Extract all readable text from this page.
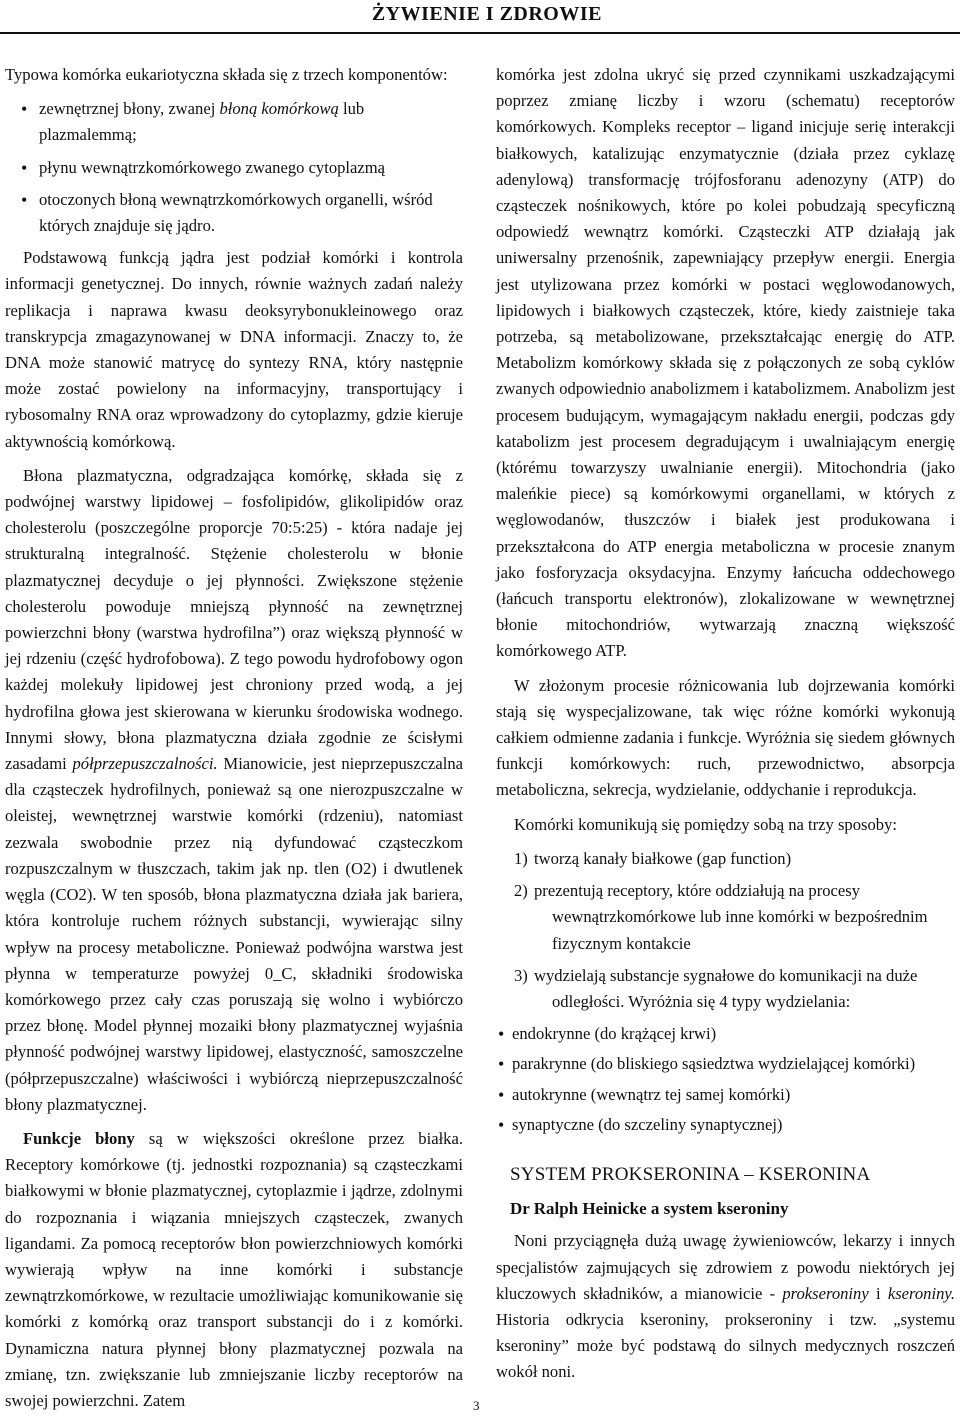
ŻYWIENIE I ZDROWIE

Typowa komórka eukariotyczna składa się z trzech komponentów:

• zewnętrznej błony, zwanej błoną komórkową lub plazmalemmą;
• płynu wewnątrzkomórkowego zwanego cytoplazmą
• otoczonych błoną wewnątrzkomórkowych organelli, wśród których znajduje się jądro.

Podstawową funkcją jądra jest podział komórki i kontrola informacji genetycznej. Do innych, równie ważnych zadań należy replikacja i naprawa kwasu deoksyrybonukleinowego oraz transkrypcja zmagazynowanej w DNA informacji. Znaczy to, że DNA może stanowić matrycę do syntezy RNA, który następnie może zostać powielony na informacyjny, transportujący i rybosomalny RNA oraz wprowadzony do cytoplazmy, gdzie kieruje aktywnością komórkową.

Błona plazmatyczna, odgradzająca komórkę, składa się z podwójnej warstwy lipidowej – fosfolipidów, glikolipidów oraz cholesterolu (poszczególne proporcje 70:5:25) - która nadaje jej strukturalną integralność. Stężenie cholesterolu w błonie plazmatycznej decyduje o jej płynności. Zwiększone stężenie cholesterolu powoduje mniejszą płynność na zewnętrznej powierzchni błony (warstwa hydrofilna”) oraz większą płynność w jej rdzeniu (część hydrofobowa). Z tego powodu hydrofobowy ogon każdej molekuły lipidowej jest chroniony przed wodą, a jej hydrofilna głowa jest skierowana w kierunku środowiska wodnego. Innymi słowy, błona plazmatyczna działa zgodnie ze ścisłymi zasadami półprzepuszczalności. Mianowicie, jest nieprzepuszczalna dla cząsteczek hydrofilnych, ponieważ są one nierozpuszczalne w oleistej, wewnętrznej warstwie komórki (rdzeniu), natomiast zezwala swobodnie przez nią dyfundować cząsteczkom rozpuszczalnym w tłuszczach, takim jak np. tlen (O2) i dwutlenek węgla (CO2). W ten sposób, błona plazmatyczna działa jak bariera, która kontroluje ruchem różnych substancji, wywierając silny wpływ na procesy metaboliczne. Ponieważ podwójna warstwa jest płynna w temperaturze powyżej 0_C, składniki środowiska komórkowego przez cały czas poruszają się wolno i wybiórczo przez błonę. Model płynnej mozaiki błony plazmatycznej wyjaśnia płynność podwójnej warstwy lipidowej, elastyczność, samoszczelne (półprzepuszczalne) właściwości i wybiórczą nieprzepuszczalność błony plazmatycznej.

Funkcje błony są w większości określone przez białka. Receptory komórkowe (tj. jednostki rozpoznania) są cząsteczkami białkowymi w błonie plazmatycznej, cytoplazmie i jądrze, zdolnymi do rozpoznania i wiązania mniejszych cząsteczek, zwanych ligandami. Za pomocą receptorów błon powierzchniowych komórki wywierają wpływ na inne komórki i substancje zewnątrzkomórkowe, w rezultacie umożliwiając komunikowanie się komórki z komórką oraz transport substancji do i z komórki. Dynamiczna natura płynnej błony plazmatycznej pozwala na zmianę, tzn. zwiększanie lub zmniejszanie liczby receptorów na swojej powierzchni. Zatem

komórka jest zdolna ukryć się przed czynnikami uszkadzającymi poprzez zmianę liczby i wzoru (schematu) receptorów komórkowych. Kompleks receptor – ligand inicjuje serię interakcji białkowych, katalizując enzymatycznie (działa przez cyklazę adenylową) transformację trójfosforanu adenozyny (ATP) do cząsteczek nośnikowych, które po kolei pobudzają specyficzną odpowiedź wewnątrz komórki. Cząsteczki ATP działają jak uniwersalny przenośnik, zapewniający przepływ energii. Energia jest utylizowana przez komórki w postaci węglowodanowych, lipidowych i białkowych cząsteczek, które, kiedy zaistnieje taka potrzeba, są metabolizowane, przekształcając energię do ATP. Metabolizm komórkowy składa się z połączonych ze sobą cyklów zwanych odpowiednio anabolizmem i katabolizmem. Anabolizm jest procesem budującym, wymagającym nakładu energii, podczas gdy katabolizm jest procesem degradującym i uwalniającym energię (którému towarzyszy uwalnianie energii). Mitochondria (jako maleńkie piece) są komórkowymi organellami, w których z węglowodanów, tłuszczów i białek jest produkowana i przekształcona do ATP energia metaboliczna w procesie znanym jako fosforyzacja oksydacyjna. Enzymy łańcucha oddechowego (łańcuch transportu elektronów), zlokalizowane w wewnętrznej błonie mitochondriów, wytwarzają znaczną większość komórkowego ATP.

W złożonym procesie różnicowania lub dojrzewania komórki stają się wyspecjalizowane, tak więc różne komórki wykonują całkiem odmienne zadania i funkcje. Wyróżnia się siedem głównych funkcji komórkowych: ruch, przewodnictwo, absorpcja metaboliczna, sekrecja, wydzielanie, oddychanie i reprodukcja.

Komórki komunikują się pomiędzy sobą na trzy sposoby:

1) tworzą kanały białkowe (gap function)
2) prezentują receptory, które oddziałują na procesy
wewnątrzkomórkowe lub inne komórki w bezpośrednim fizycznym kontakcie
3) wydzielają substancje sygnałowe do komunikacji na duże
odległości. Wyróżnia się 4 typy wydzielania:
• endokrynne (do krążącej krwi)
• parakrynne (do bliskiego sąsiedztwa wydzielającej komórki)
• autokrynne (wewnątrz tej samej komórki)
• synaptyczne (do szczeliny synaptycznej)
SYSTEM PROKSERONINA – KSERONINA
Dr Ralph Heinicke a system kseroniny

Noni przyciągnęła dużą uwagę żywieniowców, lekarzy i innych specjalistów zajmujących się zdrowiem z powodu niektórych jej kluczowych składników, a mianowicie - prokseroniny i kseroniny. Historia odkrycia kseroniny, prokseroniny i tzw. „systemu kseroniny” może być podstawą do silnych medycznych roszczeń wokół noni.

3
